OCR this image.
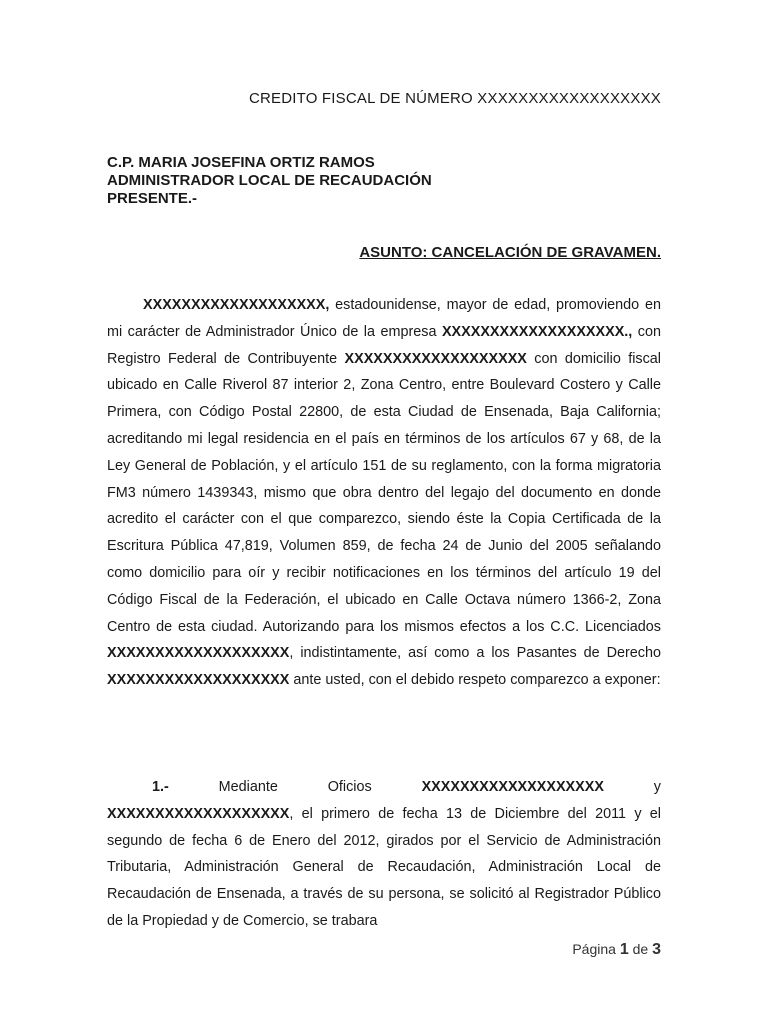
CREDITO FISCAL DE NÚMERO XXXXXXXXXXXXXXXXXX
C.P. MARIA JOSEFINA ORTIZ RAMOS
ADMINISTRADOR LOCAL DE RECAUDACIÓN
PRESENTE.-
ASUNTO: CANCELACIÓN DE GRAVAMEN.
XXXXXXXXXXXXXXXXXXX, estadounidense, mayor de edad, promoviendo en mi carácter de Administrador Único de la empresa XXXXXXXXXXXXXXXXXXX., con Registro Federal de Contribuyente XXXXXXXXXXXXXXXXXXX con domicilio fiscal ubicado en Calle Riverol 87 interior 2, Zona Centro, entre Boulevard Costero y Calle Primera, con Código Postal 22800, de esta Ciudad de Ensenada, Baja California; acreditando mi legal residencia en el país en términos de los artículos 67 y 68, de la Ley General de Población, y el artículo 151 de su reglamento, con la forma migratoria FM3 número 1439343, mismo que obra dentro del legajo del documento en donde acredito el carácter con el que comparezco, siendo éste la Copia Certificada de la Escritura Pública 47,819, Volumen 859, de fecha 24 de Junio del 2005 señalando como domicilio para oír y recibir notificaciones en los términos del artículo 19 del Código Fiscal de la Federación, el ubicado en Calle Octava número 1366-2, Zona Centro de esta ciudad. Autorizando para los mismos efectos a los C.C. Licenciados XXXXXXXXXXXXXXXXXXX, indistintamente, así como a los Pasantes de Derecho XXXXXXXXXXXXXXXXXXX ante usted, con el debido respeto comparezco a exponer:
1.- Mediante Oficios XXXXXXXXXXXXXXXXXXX y XXXXXXXXXXXXXXXXXXX, el primero de fecha 13 de Diciembre del 2011 y el segundo de fecha 6 de Enero del 2012, girados por el Servicio de Administración Tributaria, Administración General de Recaudación, Administración Local de Recaudación de Ensenada, a través de su persona, se solicitó al Registrador Público de la Propiedad y de Comercio, se trabara
Página 1 de 3
